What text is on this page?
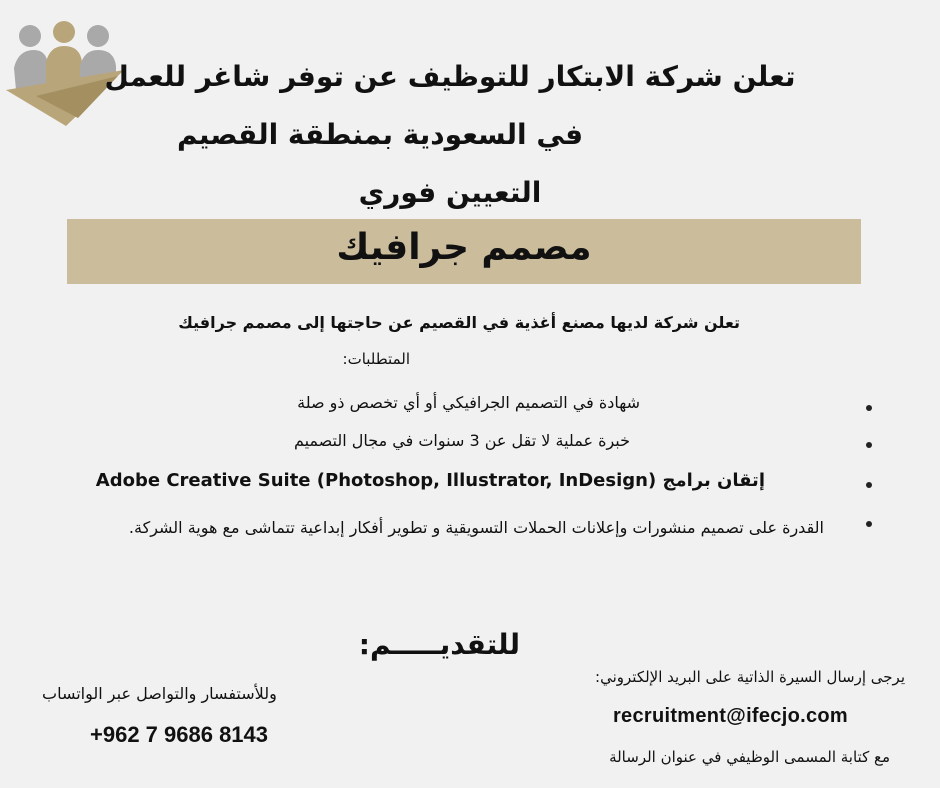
تعلن شركة الابتكار للتوظيف عن توفر شاغر للعمل
في السعودية بمنطقة القصيم
التعيين فوري
مصمم جرافيك
تعلن شركة لديها مصنع أغذية في القصيم عن حاجتها إلى مصمم جرافيك
المتطلبات:
شهادة في التصميم الجرافيكي أو أي تخصص ذو صلة
خبرة عملية لا تقل عن 3 سنوات في مجال التصميم
إتقان برامج Adobe Creative Suite (Photoshop, Illustrator, InDesign)
القدرة على تصميم منشورات وإعلانات الحملات التسويقية و تطوير أفكار إبداعية تتماشى مع هوية الشركة.
للتقديـــــم:
يرجى إرسال السيرة الذاتية على البريد الإلكتروني:
recruitment@ifecjo.com
مع كتابة المسمى الوظيفي في عنوان الرسالة
وللأستفسار والتواصل عبر الواتساب
+962 7 9686 8143
